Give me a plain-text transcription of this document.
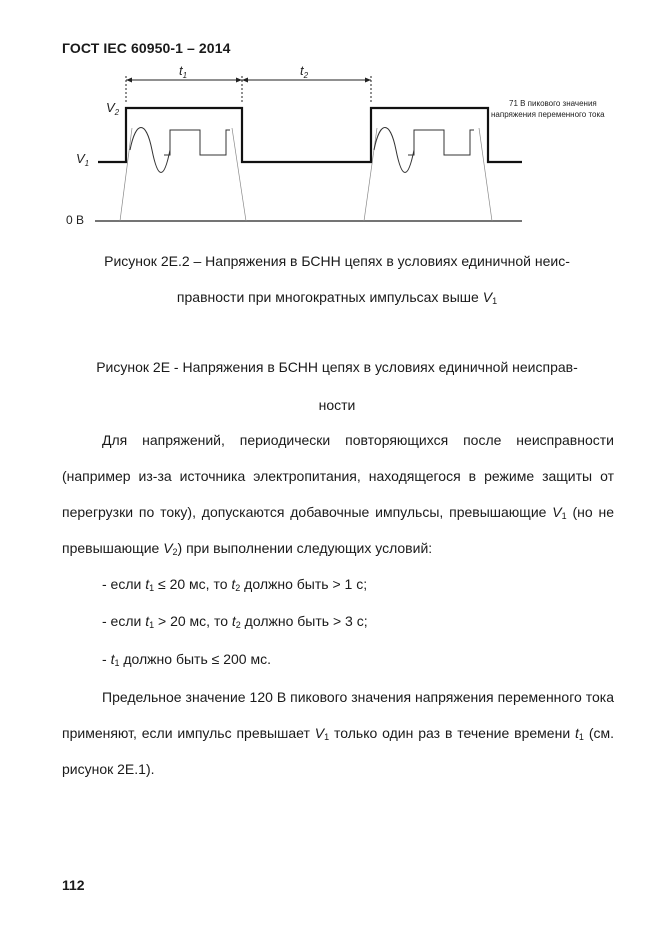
ГОСТ IEC 60950-1 – 2014
$t_1$	$t_2$
$V_2$
$V_1$
0 В
71 В пикового значения
напряжения переменного тока
Рисунок 2Е.2 – Напряжения в БСНН цепях в условиях единичной неис-
правности при многократных импульсах выше $V_1$
Рисунок 2Е - Напряжения в БСНН цепях в условиях единичной неисправ-
ности
Для напряжений, периодически повторяющихся после неисправности (например из-за источника электропитания, находящегося в режиме защиты от перегрузки по току), допускаются добавочные импульсы, превышающие $V_1$ (но не превышающие $V_2$) при выполнении следующих условий:
- если $t_1 \le 20$ мс, то $t_2$ должно быть > 1 с;
- если $t_1 > 20$ мс, то $t_2$ должно быть > 3 с;
- $t_1$ должно быть ≤ 200 мс.
Предельное значение 120 В пикового значения напряжения переменного тока применяют, если импульс превышает $V_1$ только один раз в течение времени $t_1$ (см. рисунок 2Е.1).
112
